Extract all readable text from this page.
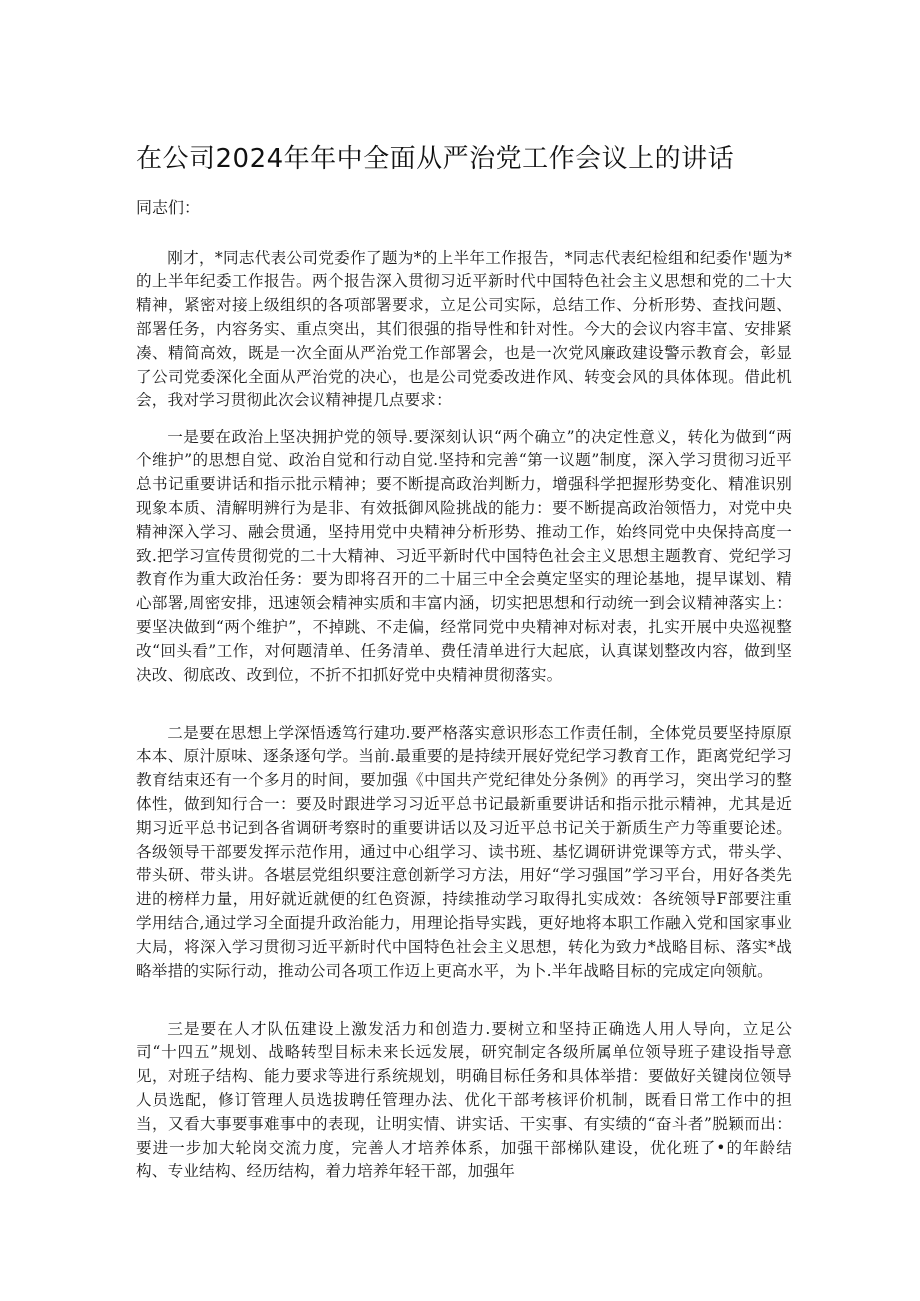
在公司2024年年中全面从严治党工作会议上的讲话
同志们：

刚才，*同志代表公司党委作了题为*的上半年工作报告，*同志代表纪检组和纪委作'题为*的上半年纪委工作报告。两个报告深入贯彻习近平新时代中国特色社会主义思想和党的二十大精神，紧密对接上级组织的各项部署要求，立足公司实际，总结工作、分析形势、查找问题、部署任务，内容务实、重点突出，其们很强的指导性和针对性。今大的会议内容丰富、安排紧凑、精简高效，既是一次全面从严治党工作部署会，也是一次党风廉政建设警示教育会，彰显了公司党委深化全面从严治党的决心，也是公司党委改进作风、转变会风的具体体现。借此机会，我对学习贯彻此次会议精神提几点要求：

一是要在政治上坚决拥护党的领导.要深刻认识“两个确立”的决定性意义，转化为做到“两个维护”的思想自觉、政治自觉和行动自觉.坚持和完善“第一议题”制度，深入学习贯彻习近平总书记重要讲话和指示批示精神；要不断提高政治判断力，增强科学把握形势变化、精准识别现象本质、清解明辨行为是非、有效抵御风险挑战的能力：要不断提高政治领悟力，对党中央精神深入学习、融会贯通，坚持用党中央精神分析形势、推动工作，始终同党中央保持高度一致.把学习宣传贯彻党的二十大精神、习近平新时代中国特色社会主义思想主题教育、党纪学习教育作为重大政治任务：要为即将召开的二十届三中全会奠定坚实的理论基地，提早谋划、精心部署,周密安排，迅速领会精神实质和丰富内涵，切实把思想和行动统一到会议精神落实上：要坚决做到“两个维护”，不掉跳、不走偏，经常同党中央精神对标对表，扎实开展中央巡视整改“回头看”工作，对何题清单、任务清单、费任清单进行大起底，认真谋划整改内容，做到坚决改、彻底改、改到位，不折不扣抓好党中央精神贯彻落实。

二是要在思想上学深悟透笃行建功.要严格落实意识形态工作责任制，全体党员要坚持原原本本、原汁原味、逐条逐句学。当前.最重要的是持续开展好党纪学习教育工作，距离党纪学习教育结束还有一个多月的时间，要加强《中国共产党纪律处分条例》的再学习，突出学习的整体性，做到知行合一：要及时跟进学习习近平总书记最新重要讲话和指示批示精神，尤其是近期习近平总书记到各省调研考察时的重要讲话以及习近平总书记关于新质生产力等重要论述。各级领导干部要发挥示范作用，通过中心组学习、读书班、基忆调研讲党课等方式，带头学、带头研、带头讲。各堪层党组织要注意创新学习方法，用好“学习强国”学习平台，用好各类先进的榜样力量，用好就近就便的红色资源，持续推动学习取得扎实成效：各统领导F部要注重学用结合,通过学习全面提升政治能力，用理论指导实践，更好地将本职工作融入党和国家事业大局，将深入学习贯彻习近平新时代中国特色社会主义思想，转化为致力*战略目标、落实*战略举措的实际行动，推动公司各项工作迈上更高水平，为卜.半年战略目标的完成定向领航。

三是要在人才队伍建设上激发活力和创造力.要树立和坚持正确选人用人导向，立足公司“十四五”规划、战略转型目标未来长远发展，研究制定各级所属单位领导班子建设指导意见，对班子结构、能力要求等进行系统规划，明确目标任务和具体举措：要做好关键岗位领导人员选配，修订管理人员选拔聘任管理办法、优化干部考核评价机制，既看日常工作中的担当，又看大事要事难事中的表现，让明实情、讲实话、干实事、有实绩的“奋斗者”脱颖而出：要进一步加大轮岗交流力度，完善人才培养体系，加强干部梯队建设，优化班了•的年龄结构、专业结构、经历结构，着力培养年轻干部，加强年
